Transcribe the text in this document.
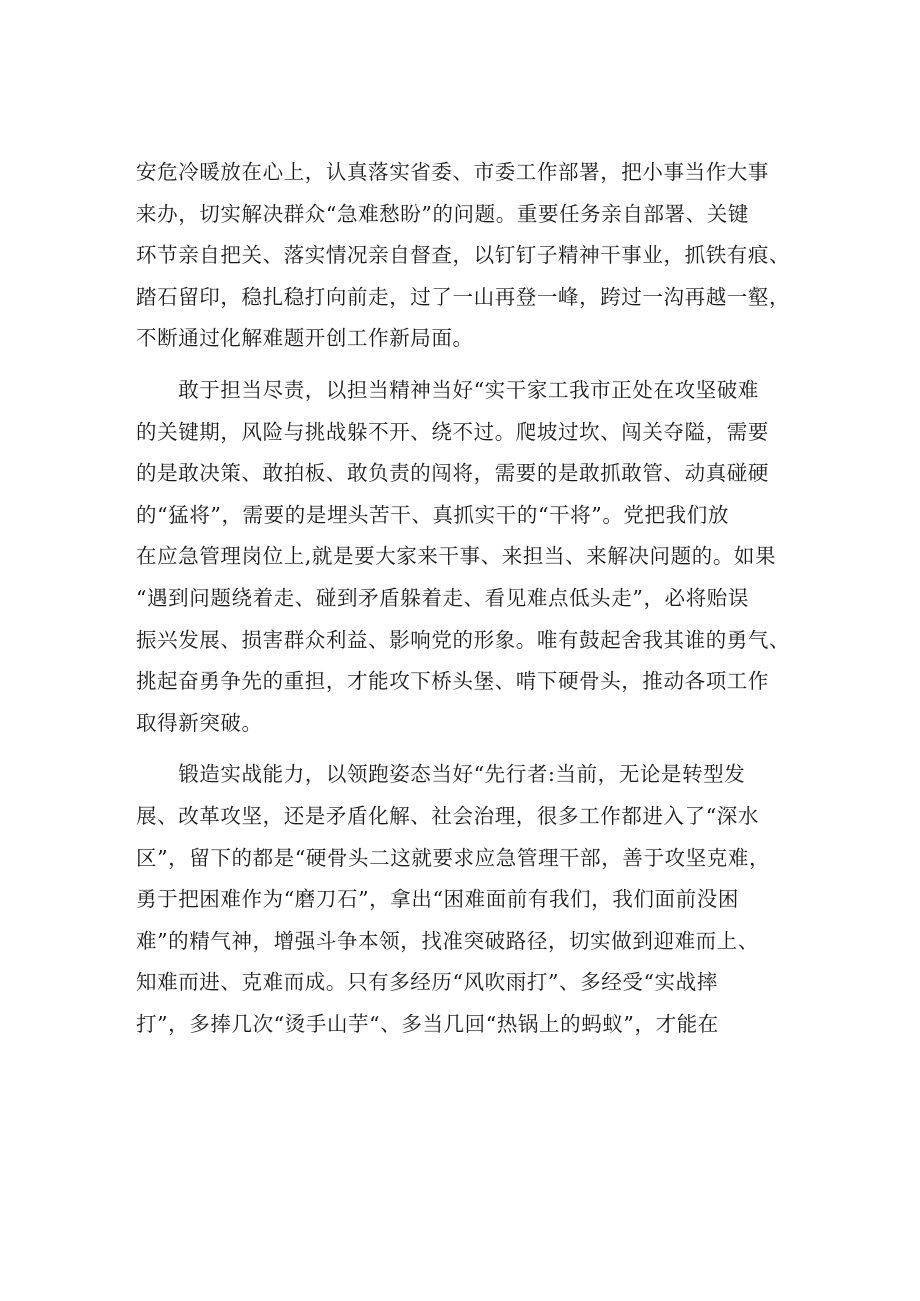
安危冷暖放在心上，认真落实省委、市委工作部署，把小事当作大事
来办，切实解决群众“急难愁盼”的问题。重要任务亲自部署、关键
环节亲自把关、落实情况亲自督查，以钉钉子精神干事业，抓铁有痕、
踏石留印，稳扎稳打向前走，过了一山再登一峰，跨过一沟再越一壑，
不断通过化解难题开创工作新局面。

　　敢于担当尽责，以担当精神当好“实干家工我市正处在攻坚破难
的关键期，风险与挑战躲不开、绕不过。爬坡过坎、闯关夺隘，需要
的是敢决策、敢拍板、敢负责的闯将，需要的是敢抓敢管、动真碰硬
的“猛将”，需要的是埋头苦干、真抓实干的“干将”。党把我们放
在应急管理岗位上,就是要大家来干事、来担当、来解决问题的。如果
“遇到问题绕着走、碰到矛盾躲着走、看见难点低头走”，必将贻误
振兴发展、损害群众利益、影响党的形象。唯有鼓起舍我其谁的勇气、
挑起奋勇争先的重担，才能攻下桥头堡、啃下硬骨头，推动各项工作
取得新突破。

　　锻造实战能力，以领跑姿态当好“先行者:当前，无论是转型发
展、改革攻坚，还是矛盾化解、社会治理，很多工作都进入了“深水
区”，留下的都是“硬骨头二这就要求应急管理干部，善于攻坚克难，
勇于把困难作为“磨刀石”，拿出“困难面前有我们，我们面前没困
难”的精气神，增强斗争本领，找准突破路径，切实做到迎难而上、
知难而进、克难而成。只有多经历“风吹雨打”、多经受“实战摔
打”，多捧几次“烫手山芋“、多当几回“热锅上的蚂蚁”，才能在
